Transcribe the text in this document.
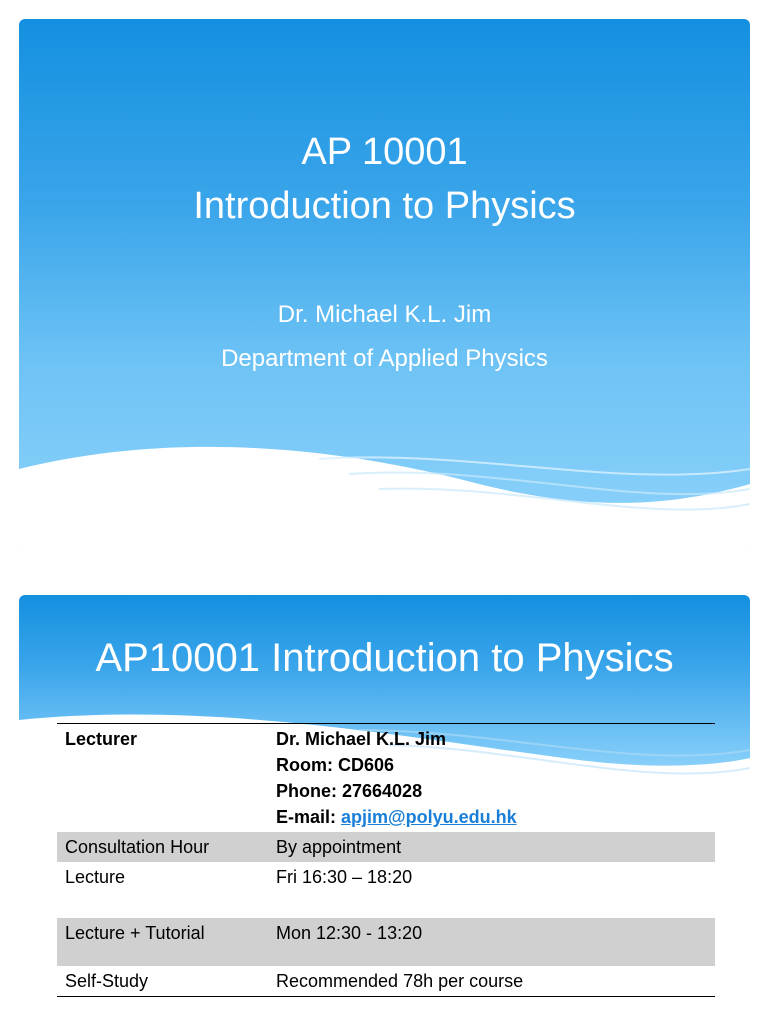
AP 10001
Introduction to Physics
Dr. Michael K.L. Jim
Department of Applied Physics
AP10001 Introduction to Physics
Lecturer	Dr. Michael K.L. Jim
Room: CD606
Phone: 27664028
E-mail: apjim@polyu.edu.hk

Consultation Hour	By appointment
Lecture	Fri 16:30 – 18:20
Lecture + Tutorial	Mon 12:30 - 13:20
Self-Study	Recommended 78h per course
